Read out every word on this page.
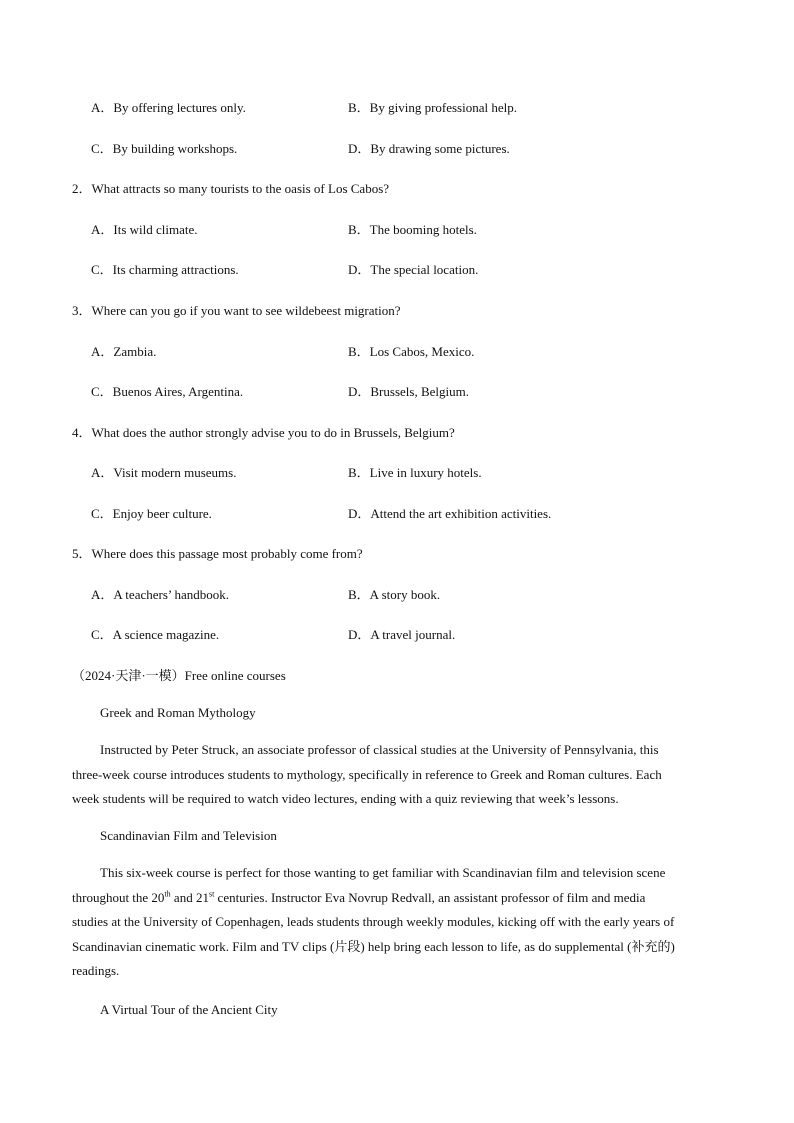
A．By offering lectures only.	B．By giving professional help.
C．By building workshops.	D．By drawing some pictures.
2．What attracts so many tourists to the oasis of Los Cabos?
A．Its wild climate.	B．The booming hotels.
C．Its charming attractions.	D．The special location.
3．Where can you go if you want to see wildebeest migration?
A．Zambia.	B．Los Cabos, Mexico.
C．Buenos Aires, Argentina.	D．Brussels, Belgium.
4．What does the author strongly advise you to do in Brussels, Belgium?
A．Visit modern museums.	B．Live in luxury hotels.
C．Enjoy beer culture.	D．Attend the art exhibition activities.
5．Where does this passage most probably come from?
A．A teachers’ handbook.	B．A story book.
C．A science magazine.	D．A travel journal.
（2024·天津·一模）Free online courses
Greek and Roman Mythology
Instructed by Peter Struck, an associate professor of classical studies at the University of Pennsylvania, this
three-week course introduces students to mythology, specifically in reference to Greek and Roman cultures. Each
week students will be required to watch video lectures, ending with a quiz reviewing that week’s lessons.
Scandinavian Film and Television
This six-week course is perfect for those wanting to get familiar with Scandinavian film and television scene
throughout the 20th and 21st centuries. Instructor Eva Novrup Redvall, an assistant professor of film and media
studies at the University of Copenhagen, leads students through weekly modules, kicking off with the early years of
Scandinavian cinematic work. Film and TV clips (片段) help bring each lesson to life, as do supplemental (补充的)
readings.
A Virtual Tour of the Ancient City
